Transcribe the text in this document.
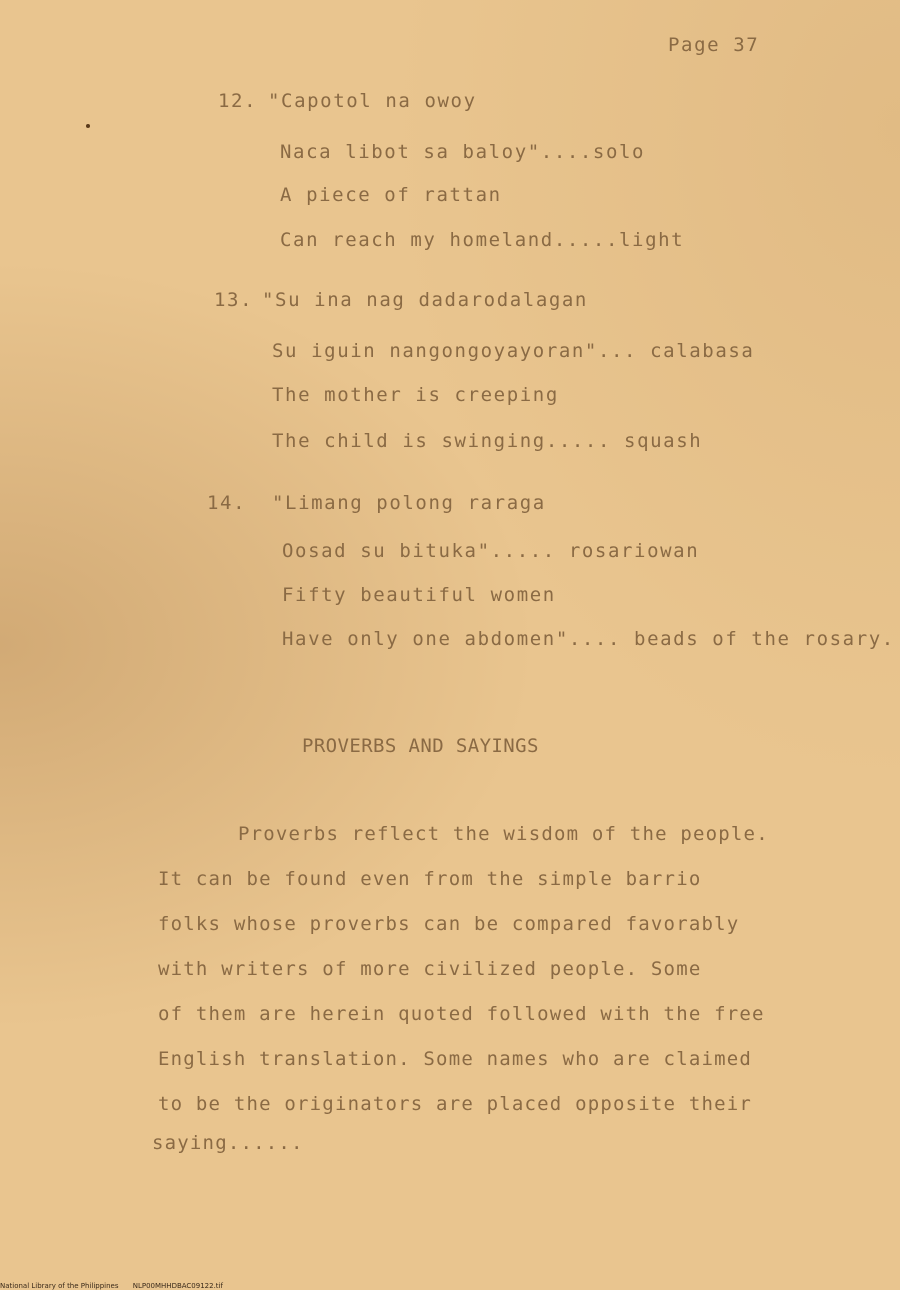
Page 37
12. "Capotol na owoy
Naca libot sa baloy"....solo
A piece of rattan
Can reach my homeland.....light
13. "Su ina nag dadarodalagan
Su iguin nangongoyayoran"... calabasa
The mother is creeping
The child is swinging..... squash
14. "Limang polong raraga
Oosad su bituka"..... rosariowan
Fifty beautiful women
Have only one abdomen".... beads of the rosary.
PROVERBS AND SAYINGS
Proverbs reflect the wisdom of the people.
It can be found even from the simple barrio
folks whose proverbs can be compared favorably
with writers of more civilized people. Some
of them are herein quoted followed with the free
English translation. Some names who are claimed
to be the originators are placed opposite their
saying......
National Library of the Philippines NLP00MHHDBAC09122.tif
